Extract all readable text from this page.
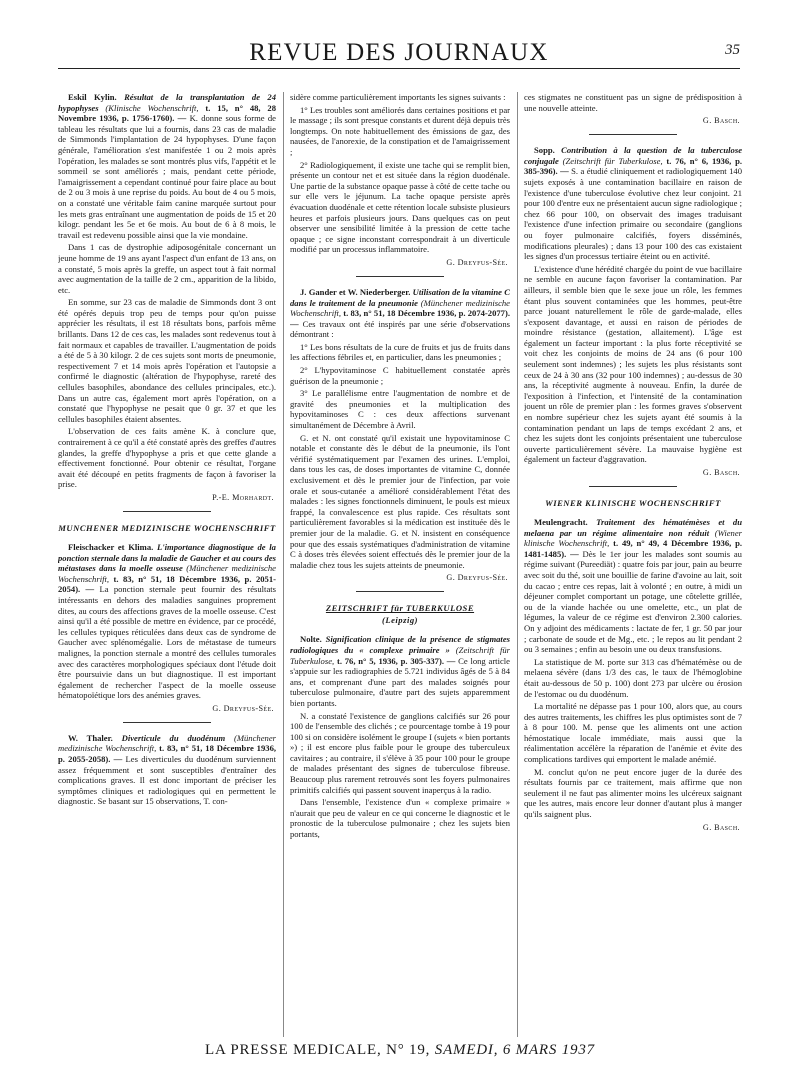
REVUE DES JOURNAUX	35

Eskil Kylin. Résultat de la transplantation de 24 hypophyses (Klinische Wochenschrift, t. 15, n° 48, 28 Novembre 1936, p. 1756-1760). — K. donne sous forme de tableau les résultats que lui a fournis, dans 23 cas de maladie de Simmonds l'implantation de 24 hypophyses. D'une façon générale, l'amélioration s'est manifestée 1 ou 2 mois après l'opération, les malades se sont montrés plus vifs, l'appétit et le sommeil se sont améliorés ; mais, pendant cette période, l'amaigrissement a cependant continué pour faire place au bout de 2 ou 3 mois à une reprise du poids. Au bout de 4 ou 5 mois, on a constaté une véritable faim canine marquée surtout pour les mets gras entraînant une augmentation de poids de 15 et 20 kilogr. pendant les 5e et 6e mois. Au bout de 6 à 8 mois, le travail est redevenu possible ainsi que la vie mondaine.

Dans 1 cas de dystrophie adiposogénitale concernant un jeune homme de 19 ans ayant l'aspect d'un enfant de 13 ans, on a constaté, 5 mois après la greffe, un aspect tout à fait normal avec augmentation de la taille de 2 cm., apparition de la libido, etc.

En somme, sur 23 cas de maladie de Simmonds dont 3 ont été opérés depuis trop peu de temps pour qu'on puisse apprécier les résultats, il est 18 résultats bons, parfois même brillants. Dans 12 de ces cas, les malades sont redevenus tout à fait normaux et capables de travailler. L'augmentation de poids a été de 5 à 30 kilogr. 2 de ces sujets sont morts de pneumonie, respectivement 7 et 14 mois après l'opération et l'autopsie a confirmé le diagnostic (altération de l'hypophyse, rareté des cellules basophiles, abondance des cellules principales, etc.). Dans un autre cas, également mort après l'opération, on a constaté que l'hypophyse ne pesait que 0 gr. 37 et que les cellules basophiles étaient absentes.

L'observation de ces faits amène K. à conclure que, contrairement à ce qu'il a été constaté après des greffes d'autres glandes, la greffe d'hypophyse a pris et que cette glande a effectivement fonctionné. Pour obtenir ce résultat, l'organe avait été découpé en petits fragments de façon à favoriser la prise.

P.-E. Morhardt.
MUNCHENER MEDIZINISCHE WOCHENSCHRIFT

Fleischacker et Klima. L'importance diagnostique de la ponction sternale dans la maladie de Gaucher et au cours des métastases dans la moelle osseuse (Münchener medizinische Wochenschrift, t. 83, n° 51, 18 Décembre 1936, p. 2051-2054). — La ponction sternale peut fournir des résultats intéressants en dehors des maladies sanguines proprement dites, au cours des affections graves de la moelle osseuse. C'est ainsi qu'il a été possible de mettre en évidence, par ce procédé, les cellules typiques réticulées dans deux cas de syndrome de Gaucher avec splénomégalie. Lors de métastase de tumeurs malignes, la ponction sternale a montré des cellules tumorales avec des caractères morphologiques spéciaux dont l'étude doit être poursuivie dans un but diagnostique. Il est important également de rechercher l'aspect de la moelle osseuse hématopoïétique lors des anémies graves.

G. Dreyfus-Sée.

W. Thaler. Diverticule du duodénum (Münchener medizinische Wochenschrift, t. 83, n° 51, 18 Décembre 1936, p. 2055-2058). — Les diverticules du duodénum surviennent assez fréquemment et sont susceptibles d'entraîner des complications graves. Il est donc important de préciser les symptômes cliniques et radiologiques qui en permettent le diagnostic. Se basant sur 15 observations, T. con-

sidère comme particulièrement importants les signes suivants :

1° Les troubles sont améliorés dans certaines positions et par le massage ; ils sont presque constants et durent déjà depuis très longtemps. On note habituellement des émissions de gaz, des nausées, de l'anorexie, de la constipation et de l'amaigrissement ;

2° Radiologiquement, il existe une tache qui se remplit bien, présente un contour net et est située dans la région duodénale. Une partie de la substance opaque passe à côté de cette tache ou sur elle vers le jéjunum. La tache opaque persiste après évacuation duodénale et cette rétention locale subsiste plusieurs heures et parfois plusieurs jours. Dans quelques cas on peut observer une sensibilité limitée à la pression de cette tache opaque ; ce signe inconstant correspondrait à un diverticule modifié par un processus inflammatoire.

G. Dreyfus-Sée.

J. Gander et W. Niederberger. Utilisation de la vitamine C dans le traitement de la pneumonie (Münchener medizinische Wochenschrift, t. 83, n° 51, 18 Décembre 1936, p. 2074-2077). — Ces travaux ont été inspirés par une série d'observations démontrant :

1° Les bons résultats de la cure de fruits et jus de fruits dans les affections fébriles et, en particulier, dans les pneumonies ;

2° L'hypovitaminose C habituellement constatée après guérison de la pneumonie ;

3° Le parallélisme entre l'augmentation de nombre et de gravité des pneumonies et la multiplication des hypovitaminoses C : ces deux affections survenant simultanément de Décembre à Avril.

G. et N. ont constaté qu'il existait une hypovitaminose C notable et constante dès le début de la pneumonie, ils l'ont vérifié systématiquement par l'examen des urines. L'emploi, dans tous les cas, de doses importantes de vitamine C, donnée exclusivement et dès le premier jour de l'infection, par voie orale et sous-cutanée a amélioré considérablement l'état des malades : les signes fonctionnels diminuent, le pouls est mieux frappé, la convalescence est plus rapide. Ces résultats sont particulièrement favorables si la médication est instituée dès le premier jour de la maladie. G. et N. insistent en conséquence pour que des essais systématiques d'administration de vitamine C à doses très élevées soient effectués dès le premier jour de la maladie chez tous les sujets atteints de pneumonie.

G. Dreyfus-Sée.
ZEITSCHRIFT für TUBERKULOSE
(Leipzig)

Nolte. Signification clinique de la présence de stigmates radiologiques du « complexe primaire » (Zeitschrift für Tuberkulose, t. 76, n° 5, 1936, p. 305-337). — Ce long article s'appuie sur les radiographies de 5.721 individus âgés de 5 à 84 ans, et comprenant d'une part des malades soignés pour tuberculose pulmonaire, d'autre part des sujets apparemment bien portants.

N. a constaté l'existence de ganglions calcifiés sur 26 pour 100 de l'ensemble des clichés ; ce pourcentage tombe à 19 pour 100 si on considère isolément le groupe I (sujets « bien portants ») ; il est encore plus faible pour le groupe des tuberculeux cavitaires ; au contraire, il s'élève à 35 pour 100 pour le groupe de malades présentant des signes de tuberculose fibreuse. Beaucoup plus rarement retrouvés sont les foyers pulmonaires primitifs calcifiés qui passent souvent inaperçus à la radio.

Dans l'ensemble, l'existence d'un « complexe primaire » n'aurait que peu de valeur en ce qui concerne le diagnostic et le pronostic de la tuberculose pulmonaire ; chez les sujets bien portants,

ces stigmates ne constituent pas un signe de prédisposition à une nouvelle atteinte.

G. Basch.

Sopp. Contribution à la question de la tuberculose conjugale (Zeitschrift für Tuberkulose, t. 76, n° 6, 1936, p. 385-396). — S. a étudié cliniquement et radiologiquement 140 sujets exposés à une contamination bacillaire en raison de l'existence d'une tuberculose évolutive chez leur conjoint. 21 pour 100 d'entre eux ne présentaient aucun signe radiologique ; chez 66 pour 100, on observait des images traduisant l'existence d'une infection primaire ou secondaire (ganglions ou foyer pulmonaire calcifiés, foyers disséminés, modifications pleurales) ; dans 13 pour 100 des cas existaient les signes d'un processus tertiaire éteint ou en activité.

L'existence d'une hérédité chargée du point de vue bacillaire ne semble en aucune façon favoriser la contamination. Par ailleurs, il semble bien que le sexe joue un rôle, les femmes étant plus souvent contaminées que les hommes, peut-être parce jouant naturellement le rôle de garde-malade, elles s'exposent davantage, et aussi en raison de périodes de moindre résistance (gestation, allaitement). L'âge est également un facteur important : la plus forte réceptivité se voit chez les conjoints de moins de 24 ans (6 pour 100 seulement sont indemnes) ; les sujets les plus résistants sont ceux de 24 à 30 ans (32 pour 100 indemnes) ; au-dessus de 30 ans, la réceptivité augmente à nouveau. Enfin, la durée de l'exposition à l'infection, et l'intensité de la contamination jouent un rôle de premier plan : les formes graves s'observent en nombre supérieur chez les sujets ayant été soumis à la contamination pendant un laps de temps excédant 2 ans, et chez les sujets dont les conjoints présentaient une tuberculose ouverte particulièrement sévère. La mauvaise hygiène est également un facteur d'aggravation.

G. Basch.
WIENER KLINISCHE WOCHENSCHRIFT

Meulengracht. Traitement des hématémèses et du melaena par un régime alimentaire non réduit (Wiener klinische Wochenschrift, t. 49, n° 49, 4 Décembre 1936, p. 1481-1485). — Dès le 1er jour les malades sont soumis au régime suivant (Pureediät) : quatre fois par jour, pain au beurre avec soit du thé, soit une bouillie de farine d'avoine au lait, soit du cacao ; entre ces repas, lait à volonté ; en outre, à midi un déjeuner complet comportant un potage, une côtelette grillée, ou de la viande hachée ou une omelette, etc., un plat de légumes, la valeur de ce régime est d'environ 2.300 calories. On y adjoint des médicaments : lactate de fer, 1 gr. 50 par jour ; carbonate de soude et de Mg., etc. ; le repos au lit pendant 2 ou 3 semaines ; enfin au besoin une ou deux transfusions.

La statistique de M. porte sur 313 cas d'hématémèse ou de melaena sévère (dans 1/3 des cas, le taux de l'hémoglobine était au-dessous de 50 p. 100) dont 273 par ulcère ou érosion de l'estomac ou du duodénum.

La mortalité ne dépasse pas 1 pour 100, alors que, au cours des autres traitements, les chiffres les plus optimistes sont de 7 à 8 pour 100. M. pense que les aliments ont une action hémostatique locale immédiate, mais aussi que la réalimentation accélère la réparation de l'anémie et évite des complications tardives qui emportent le malade anémié.

M. conclut qu'on ne peut encore juger de la durée des résultats fournis par ce traitement, mais affirme que non seulement il ne faut pas alimenter moins les ulcéreux saignant que les autres, mais encore leur donner d'autant plus à manger qu'ils saignent plus.

G. Basch.
LA PRESSE MEDICALE, N° 19, SAMEDI, 6 MARS 1937
